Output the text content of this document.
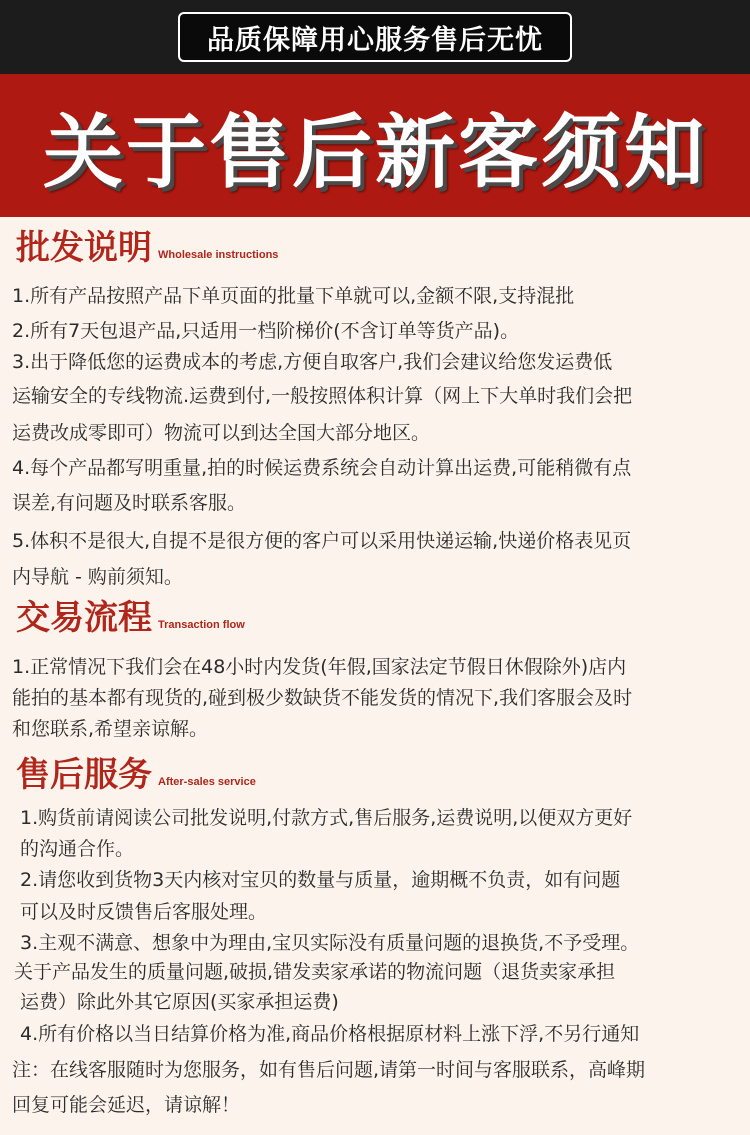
品质保障用心服务售后无忧
关于售后新客须知
批发说明 Wholesale instructions
1.所有产品按照产品下单页面的批量下单就可以,金额不限,支持混批
2.所有7天包退产品,只适用一档阶梯价(不含订单等货产品)。
3.出于降低您的运费成本的考虑,方便自取客户,我们会建议给您发运费低
运输安全的专线物流.运费到付,一般按照体积计算（网上下大单时我们会把
运费改成零即可）物流可以到达全国大部分地区。
4.每个产品都写明重量,拍的时候运费系统会自动计算出运费,可能稍微有点
误差,有问题及时联系客服。
5.体积不是很大,自提不是很方便的客户可以采用快递运输,快递价格表见页
内导航 - 购前须知。
交易流程 Transaction flow
1.正常情况下我们会在48小时内发货(年假,国家法定节假日休假除外)店内
能拍的基本都有现货的,碰到极少数缺货不能发货的情况下,我们客服会及时
和您联系,希望亲谅解。
售后服务 After-sales service
1.购货前请阅读公司批发说明,付款方式,售后服务,运费说明,以便双方更好
的沟通合作。
2.请您收到货物3天内核对宝贝的数量与质量，逾期概不负责，如有问题
可以及时反馈售后客服处理。
3.主观不满意、想象中为理由,宝贝实际没有质量问题的退换货,不予受理。
关于产品发生的质量问题,破损,错发卖家承诺的物流问题（退货卖家承担
运费）除此外其它原因(买家承担运费)
4.所有价格以当日结算价格为准,商品价格根据原材料上涨下浮,不另行通知
注：在线客服随时为您服务，如有售后问题,请第一时间与客服联系，高峰期
回复可能会延迟，请谅解！
